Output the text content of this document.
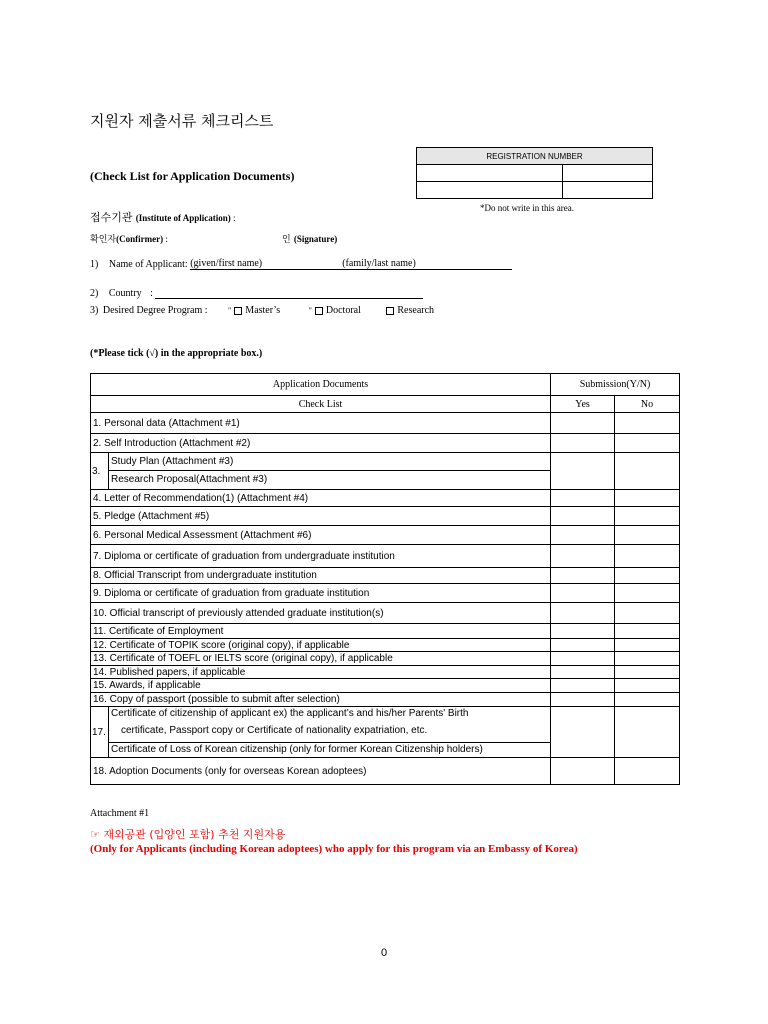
지원자 제출서류 체크리스트
REGISTRATION NUMBER	

(Check List for Application Documents)
*Do not write in this area.
접수기관 (Institute of Application) :
확인자(Confirmer) :	인 (Signature)
1) Name of Applicant: (given/first name)	(family/last name)
2) Country :
3) Desired Degree Program :	" Master’s	" Doctoral	Research
(*Please tick (√) in the appropriate box.)
Application Documents	Submission(Y/N)	
Check List	Yes	No
1. Personal data (Attachment #1)		
2. Self Introduction (Attachment #2)		

3.
Study Plan (Attachment #3)
Research Proposal(Attachment #3)		

4. Letter of Recommendation(1) (Attachment #4)		
5. Pledge (Attachment #5)		
6. Personal Medical Assessment (Attachment #6)		
7. Diploma or certificate of graduation from undergraduate institution		
8. Official Transcript from undergraduate institution		
9. Diploma or certificate of graduation from graduate institution		
10. Official transcript of previously attended graduate institution(s)		
11. Certificate of Employment		
12. Certificate of TOPIK score (original copy), if applicable		
13. Certificate of TOEFL or IELTS score (original copy), if applicable		
14. Published papers, if applicable		
15. Awards, if applicable		
16. Copy of passport (possible to submit after selection)		

17.
Certificate of citizenship of applicant ex) the applicant’s and his/her Parents' Birth
certificate, Passport copy or Certificate of nationality expatriation, etc.
Certificate of Loss of Korean citizenship (only for former Korean Citizenship holders)		

18. Adoption Documents (only for overseas Korean adoptees)		
Attachment #1
☞ 재외공관 (입양인 포함) 추천 지원자용
(Only for Applicants (including Korean adoptees) who apply for this program via an Embassy of Korea)
0
